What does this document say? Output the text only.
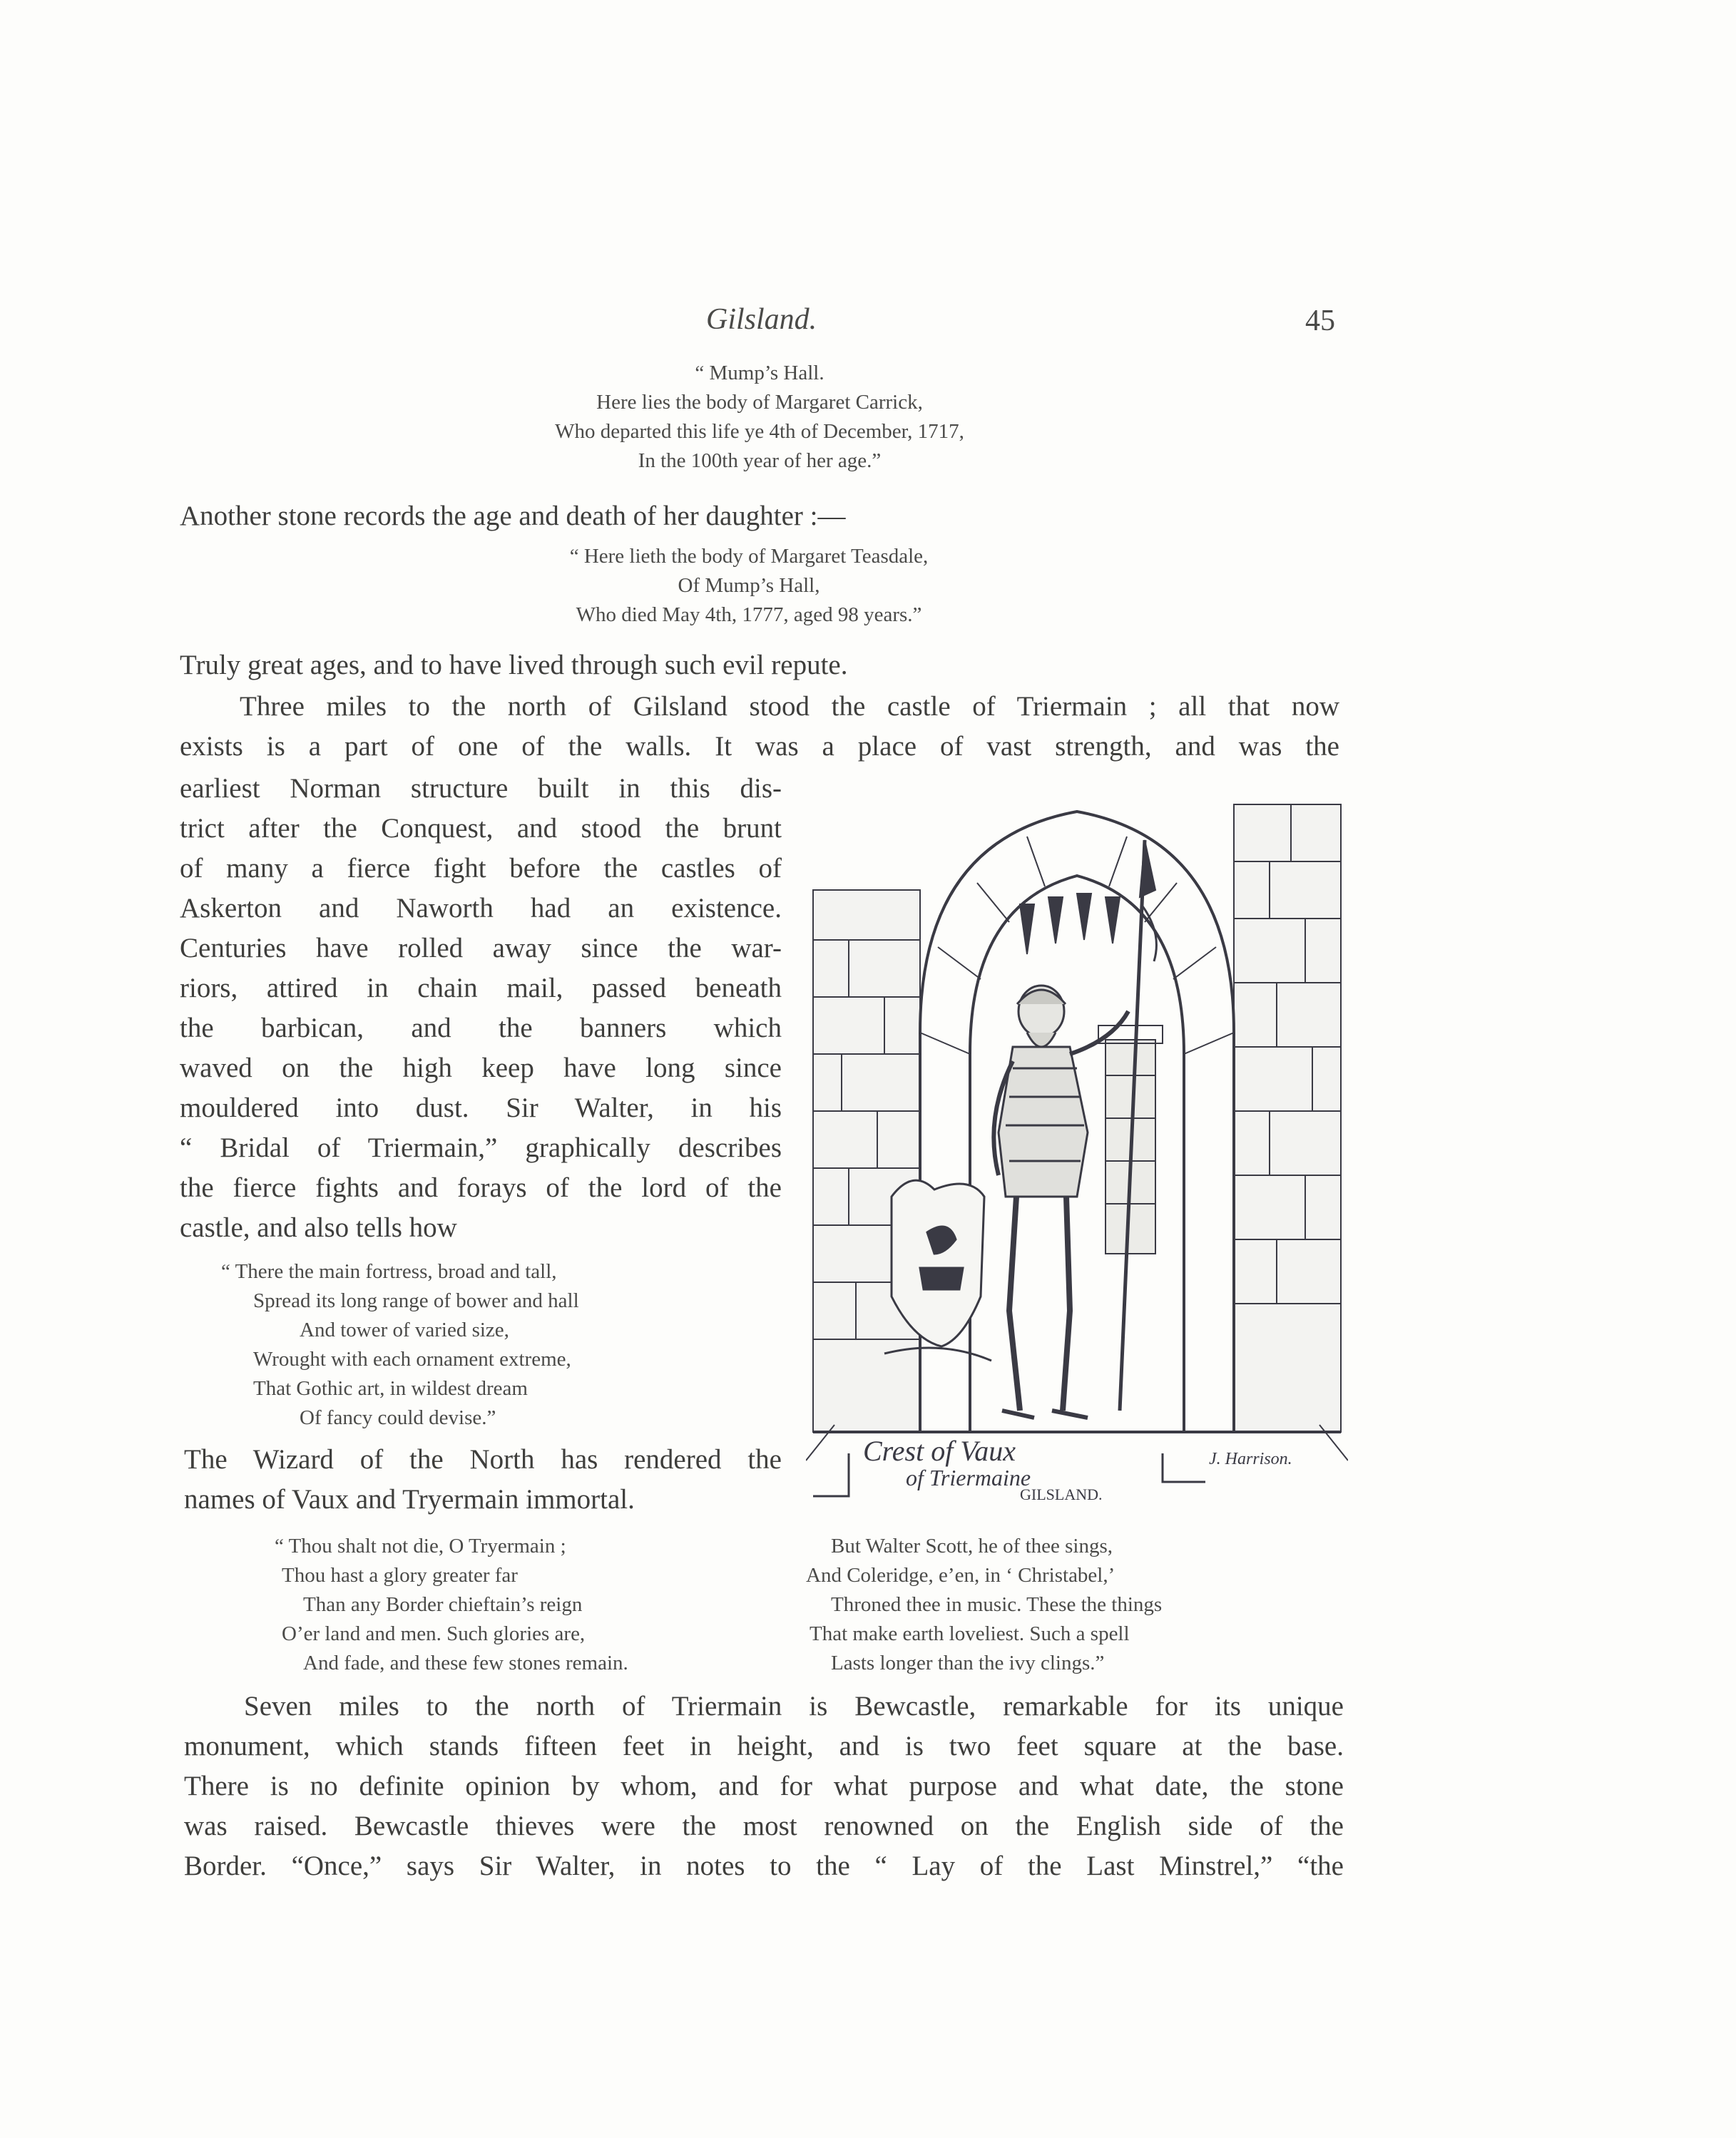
Gilsland.	45
“ Mump’s Hall.
Here lies the body of Margaret Carrick,
Who departed this life ye 4th of December, 1717,
In the 100th year of her age.”
Another stone records the age and death of her daughter :—
“ Here lieth the body of Margaret Teasdale,
Of Mump’s Hall,
Who died May 4th, 1777, aged 98 years.”
Truly great ages, and to have lived through such evil repute.
Three miles to the north of Gilsland stood the castle of Triermain ; all that now
exists is a part of one of the walls. It was a place of vast strength, and was the
earliest Norman structure built in this dis-
trict after the Conquest, and stood the brunt
of many a fierce fight before the castles of
Askerton and Naworth had an existence.
Centuries have rolled away since the war-
riors, attired in chain mail, passed beneath
the barbican, and the banners which
waved on the high keep have long since
mouldered into dust. Sir Walter, in his
“ Bridal of Triermain,” graphically describes
the fierce fights and forays of the lord of the
castle, and also tells how
“ There the main fortress, broad and tall,
Spread its long range of bower and hall
And tower of varied size,
Wrought with each ornament extreme,
That Gothic art, in wildest dream
Of fancy could devise.”
The Wizard of the North has rendered the
names of Vaux and Tryermain immortal.
“ Thou shalt not die, O Tryermain ;
Thou hast a glory greater far
Than any Border chieftain’s reign
O’er land and men. Such glories are,
And fade, and these few stones remain.
But Walter Scott, he of thee sings,
And Coleridge, e’en, in ‘ Christabel,’
Throned thee in music. These the things
That make earth loveliest. Such a spell
Lasts longer than the ivy clings.”
Seven miles to the north of Triermain is Bewcastle, remarkable for its unique
monument, which stands fifteen feet in height, and is two feet square at the base.
There is no definite opinion by whom, and for what purpose and what date, the stone
was raised. Bewcastle thieves were the most renowned on the English side of the
Border. “Once,” says Sir Walter, in notes to the “ Lay of the Last Minstrel,” “the
Crest of Vaux
of Triermaine
GILSLAND.
J. Harrison.
